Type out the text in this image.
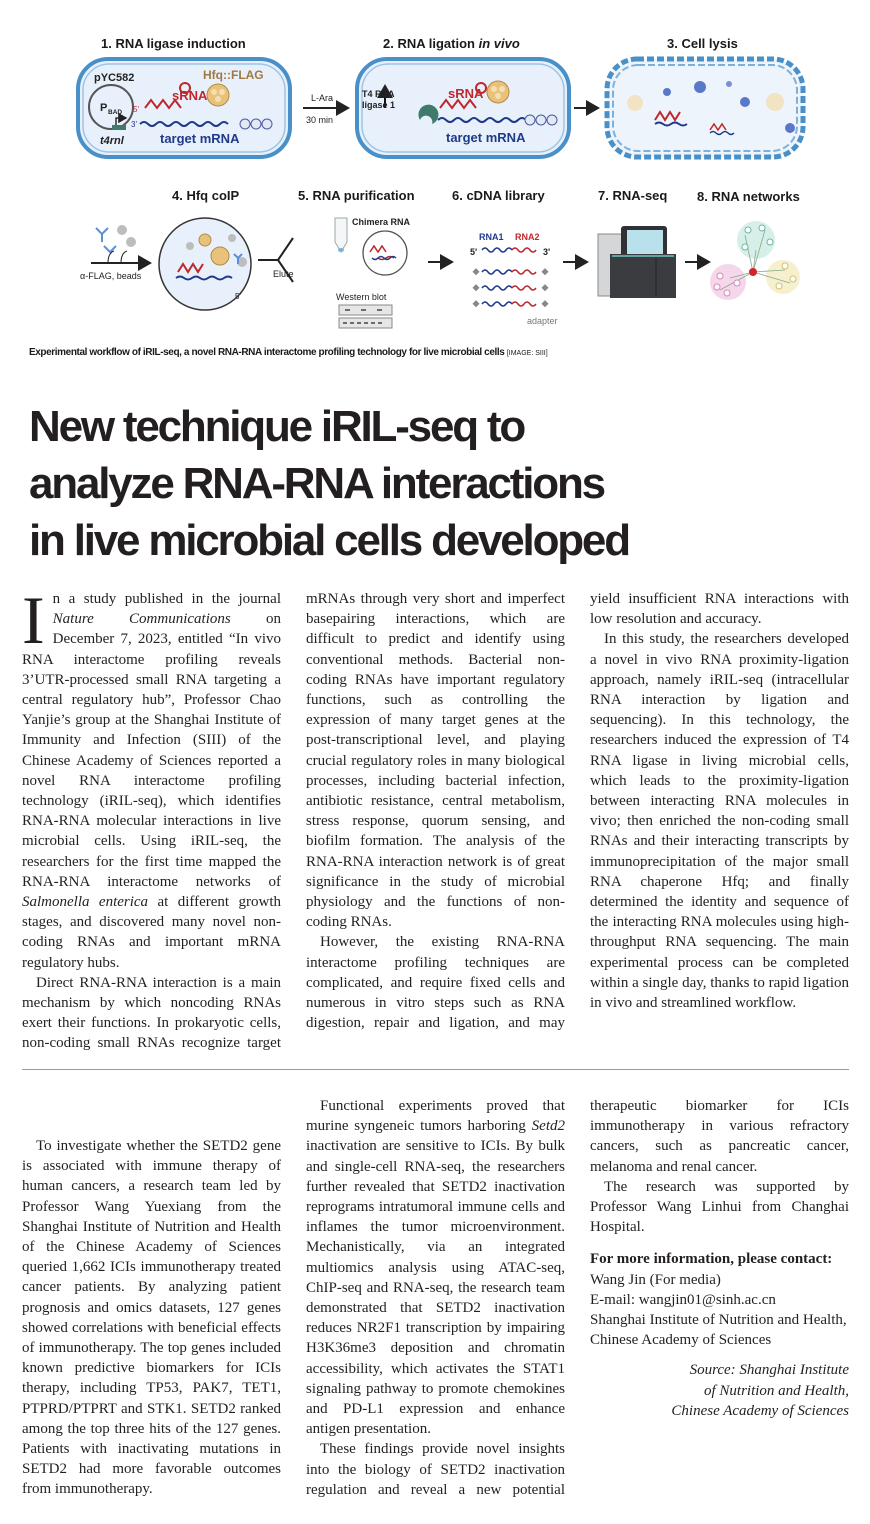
1. RNA ligase induction	2. RNA ligation in vivo	3. Cell lysis
4. Hfq coIP	5. RNA purification	6. cDNA library	7. RNA-seq 8. RNA networks
pYC582
P BAD
t4rnl
Hfq::FLAG
sRNA
target mRNA
5'
3'
L-Ara
30 min
T4 RNA
ligase 1
sRNA
target mRNA
α-FLAG, beads
5'
Elute
Chimera RNA
Western blot
RNA1 RNA2
5'	3'
adapter
Experimental workflow of iRIL-seq, a novel RNA-RNA interactome profiling technology for live microbial cells [IMAGE: SIII]
New technique iRIL-seq to
analyze RNA-RNA interactions
in live microbial cells developed

In a study published in the journal Nature Communications on December 7, 2023, entitled “In vivo RNA interactome profiling reveals 3’UTR-processed small RNA targeting a central regulatory hub”, Professor Chao Yanjie’s group at the Shanghai Institute of Immunity and Infection (SIII) of the Chinese Academy of Sciences reported a novel RNA interactome profiling technology (iRIL-seq), which identifies RNA-RNA molecular interactions in live microbial cells. Using iRIL-seq, the researchers for the first time mapped the RNA-RNA interactome networks of Salmonella enterica at different growth stages, and discovered many novel non-coding RNAs and important mRNA regulatory hubs.

Direct RNA-RNA interaction is a main mechanism by which noncoding RNAs exert their functions. In prokaryotic cells, non-coding small RNAs recognize target mRNAs through very short and imperfect basepairing interactions, which are difficult to predict and identify using conventional methods. Bacterial non-coding RNAs have important regulatory functions, such as controlling the expression of many target genes at the post-transcriptional level, and playing crucial regulatory roles in many biological processes, including bacterial infection, antibiotic resistance, central metabolism, stress response, quorum sensing, and biofilm formation. The analysis of the RNA-RNA interaction network is of great significance in the study of microbial physiology and the functions of non-coding RNAs.

However, the existing RNA-RNA interactome profiling techniques are complicated, and require fixed cells and numerous in vitro steps such as RNA digestion, repair and ligation, and may yield insufficient RNA interactions with low resolution and accuracy.

In this study, the researchers developed a novel in vivo RNA proximity-ligation approach, namely iRIL-seq (intracellular RNA interaction by ligation and sequencing). In this technology, the researchers induced the expression of T4 RNA ligase in living microbial cells, which leads to the proximity-ligation between interacting RNA molecules in vivo; then enriched the non-coding small RNAs and their interacting transcripts by immunoprecipitation of the major small RNA chaperone Hfq; and finally determined the identity and sequence of the interacting RNA molecules using high-throughput RNA sequencing. The main experimental process can be completed within a single day, thanks to rapid ligation in vivo and streamlined workflow.

To investigate whether the SETD2 gene is associated with immune therapy of human cancers, a research team led by Professor Wang Yuexiang from the Shanghai Institute of Nutrition and Health of the Chinese Academy of Sciences queried 1,662 ICIs immunotherapy treated cancer patients. By analyzing patient prognosis and omics datasets, 127 genes showed correlations with beneficial effects of immunotherapy. The top genes included known predictive biomarkers for ICIs therapy, including TP53, PAK7, TET1, PTPRD/PTPRT and STK1. SETD2 ranked among the top three hits of the 127 genes. Patients with inactivating mutations in SETD2 had more favorable outcomes from immunotherapy.

Functional experiments proved that murine syngeneic tumors harboring Setd2 inactivation are sensitive to ICIs. By bulk and single-cell RNA-seq, the researchers further revealed that SETD2 inactivation reprograms intratumoral immune cells and inflames the tumor microenvironment. Mechanistically, via an integrated multiomics analysis using ATAC-seq, ChIP-seq and RNA-seq, the research team demonstrated that SETD2 inactivation reduces NR2F1 transcription by impairing H3K36me3 deposition and chromatin accessibility, which activates the STAT1 signaling pathway to promote chemokines and PD-L1 expression and enhance antigen presentation.

These findings provide novel insights into the biology of SETD2 inactivation regulation and reveal a new potential therapeutic biomarker for ICIs immunotherapy in various refractory cancers, such as pancreatic cancer, melanoma and renal cancer.

The research was supported by Professor Wang Linhui from Changhai Hospital.

For more information, please contact:

Wang Jin (For media)

E-mail: wangjin01@sinh.ac.cn

Shanghai Institute of Nutrition and Health,

Chinese Academy of Sciences

Source: Shanghai Institute

of Nutrition and Health,

Chinese Academy of Sciences
